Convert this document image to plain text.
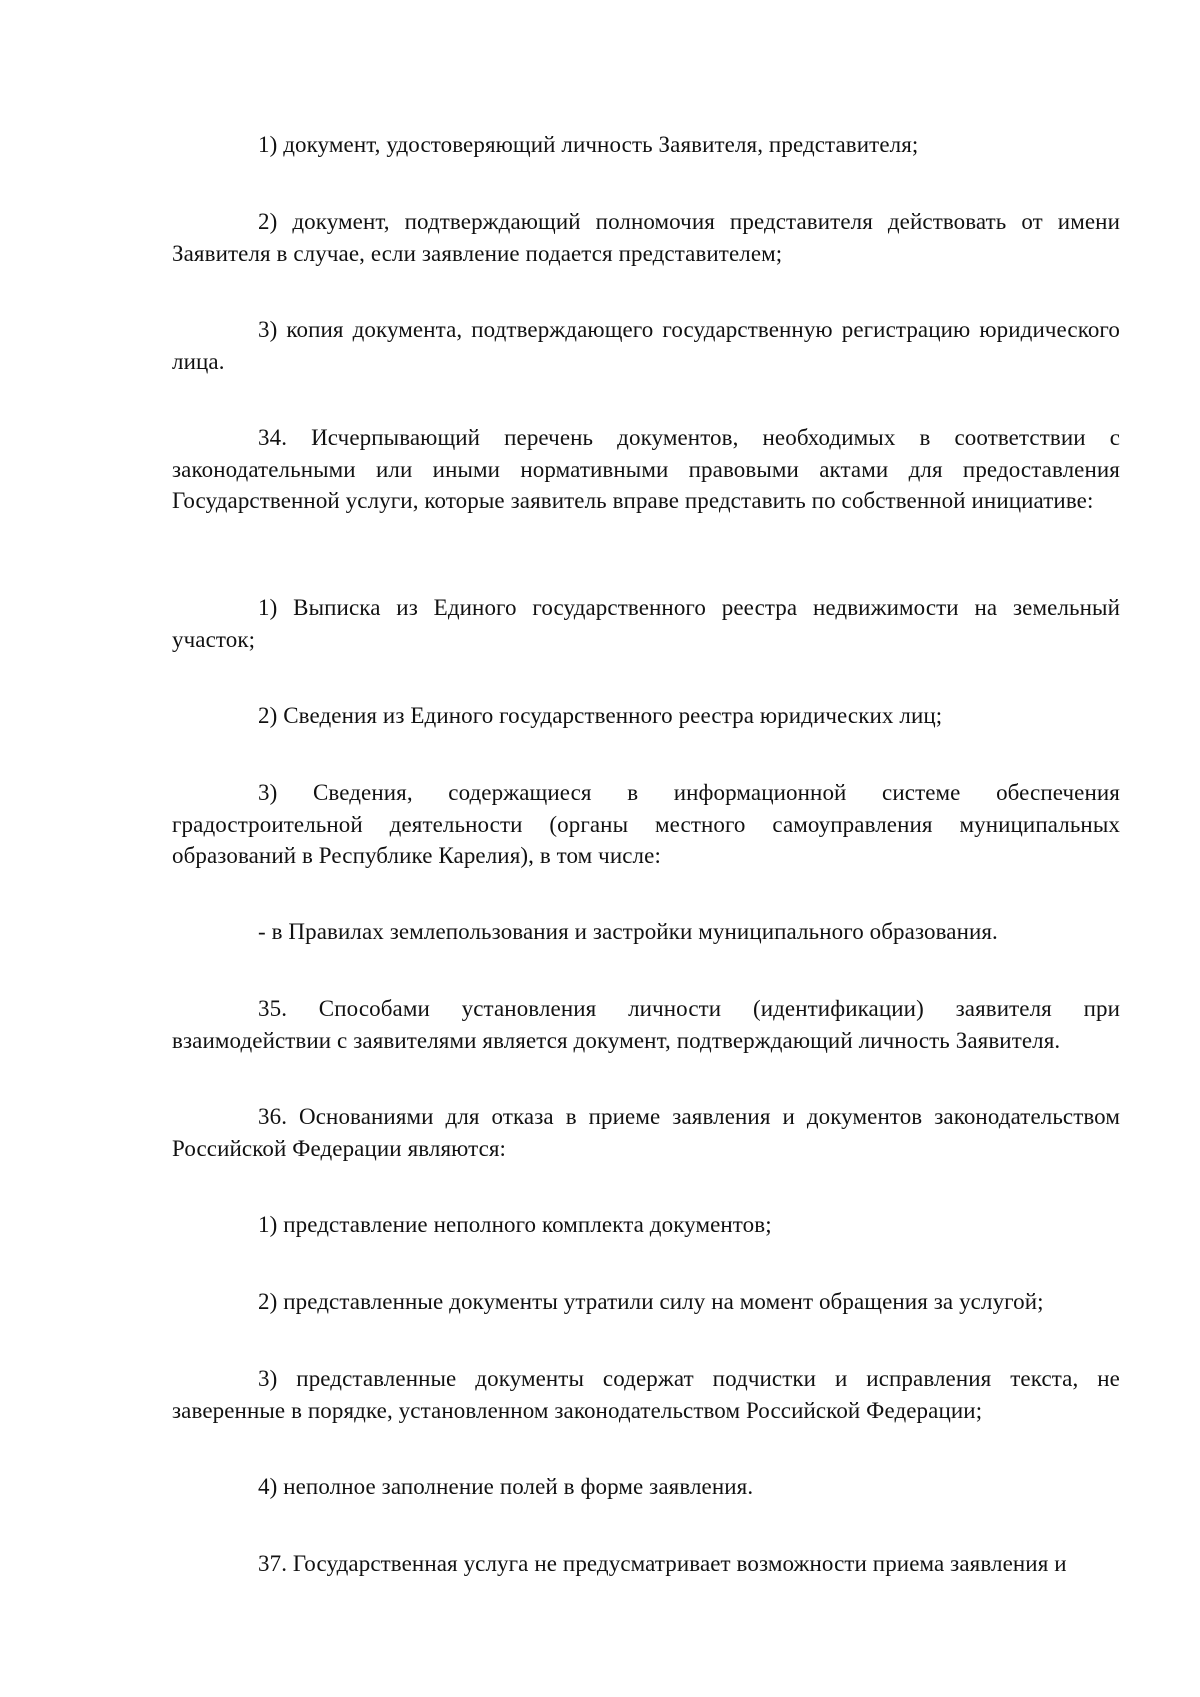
1) документ, удостоверяющий личность Заявителя, представителя;

2) документ, подтверждающий полномочия представителя действовать от имени Заявителя в случае, если заявление подается представителем;

3) копия документа, подтверждающего государственную регистрацию юридического лица.

34. Исчерпывающий перечень документов, необходимых в соответствии с законодательными или иными нормативными правовыми актами для предоставления Государственной услуги, которые заявитель вправе представить по собственной инициативе:

1) Выписка из Единого государственного реестра недвижимости на земельный участок;

2) Сведения из Единого государственного реестра юридических лиц;

3) Сведения, содержащиеся в информационной системе обеспечения градостроительной деятельности (органы местного самоуправления муниципальных образований в Республике Карелия), в том числе:

- в Правилах землепользования и застройки муниципального образования.

35. Способами установления личности (идентификации) заявителя при взаимодействии с заявителями является документ, подтверждающий личность Заявителя.

36. Основаниями для отказа в приеме заявления и документов законодательством Российской Федерации являются:

1) представление неполного комплекта документов;

2) представленные документы утратили силу на момент обращения за услугой;

3) представленные документы содержат подчистки и исправления текста, не заверенные в порядке, установленном законодательством Российской Федерации;

4) неполное заполнение полей в форме заявления.

37. Государственная услуга не предусматривает возможности приема заявления и
